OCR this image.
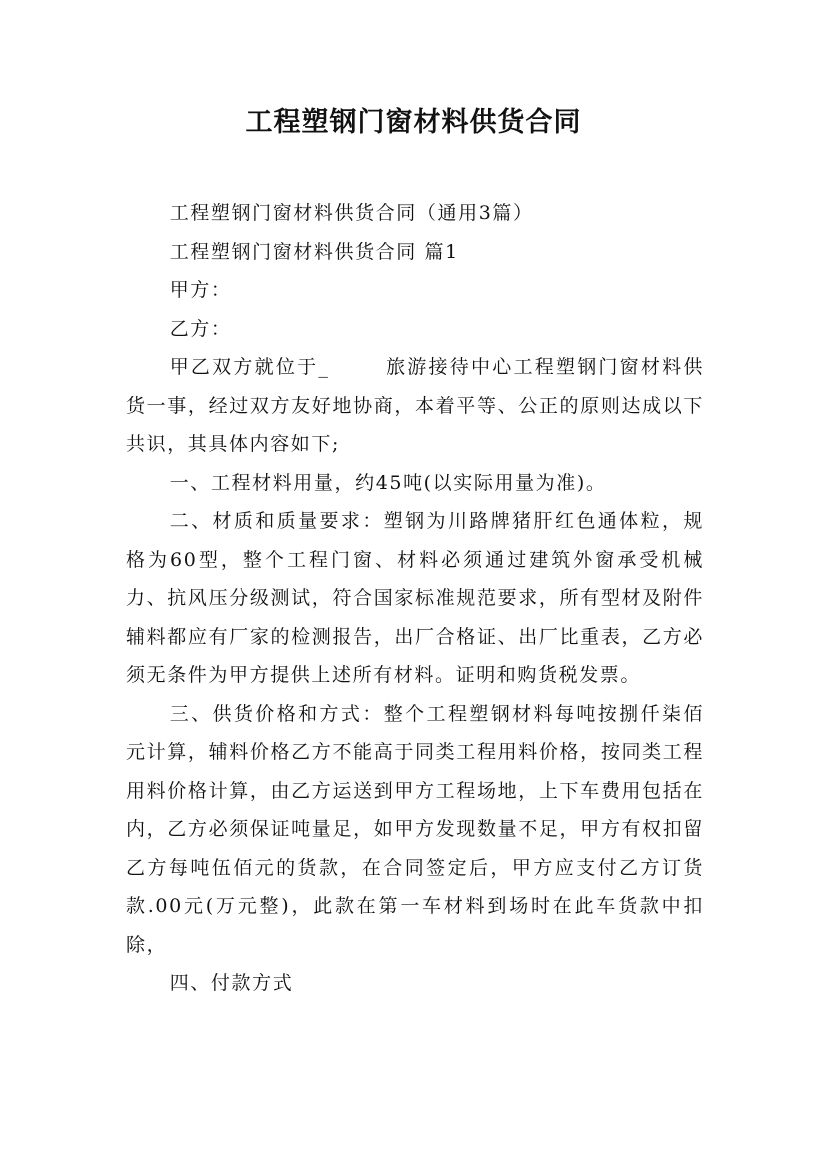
工程塑钢门窗材料供货合同

工程塑钢门窗材料供货合同（通用3篇）

工程塑钢门窗材料供货合同 篇1

甲方：

乙方：

甲乙双方就位于_	旅游接待中心工程塑钢门窗材料供货一事，经过双方友好地协商，本着平等、公正的原则达成以下共识，其具体内容如下;

一、工程材料用量，约45吨(以实际用量为准)。

二、材质和质量要求：塑钢为川路牌猪肝红色通体粒，规格为60型，整个工程门窗、材料必须通过建筑外窗承受机械力、抗风压分级测试，符合国家标准规范要求，所有型材及附件辅料都应有厂家的检测报告，出厂合格证、出厂比重表，乙方必须无条件为甲方提供上述所有材料。证明和购货税发票。

三、供货价格和方式：整个工程塑钢材料每吨按捌仟柒佰元计算，辅料价格乙方不能高于同类工程用料价格，按同类工程用料价格计算，由乙方运送到甲方工程场地，上下车费用包括在内，乙方必须保证吨量足，如甲方发现数量不足，甲方有权扣留乙方每吨伍佰元的货款，在合同签定后，甲方应支付乙方订货款.00元(万元整)，此款在第一车材料到场时在此车货款中扣除，

四、付款方式
